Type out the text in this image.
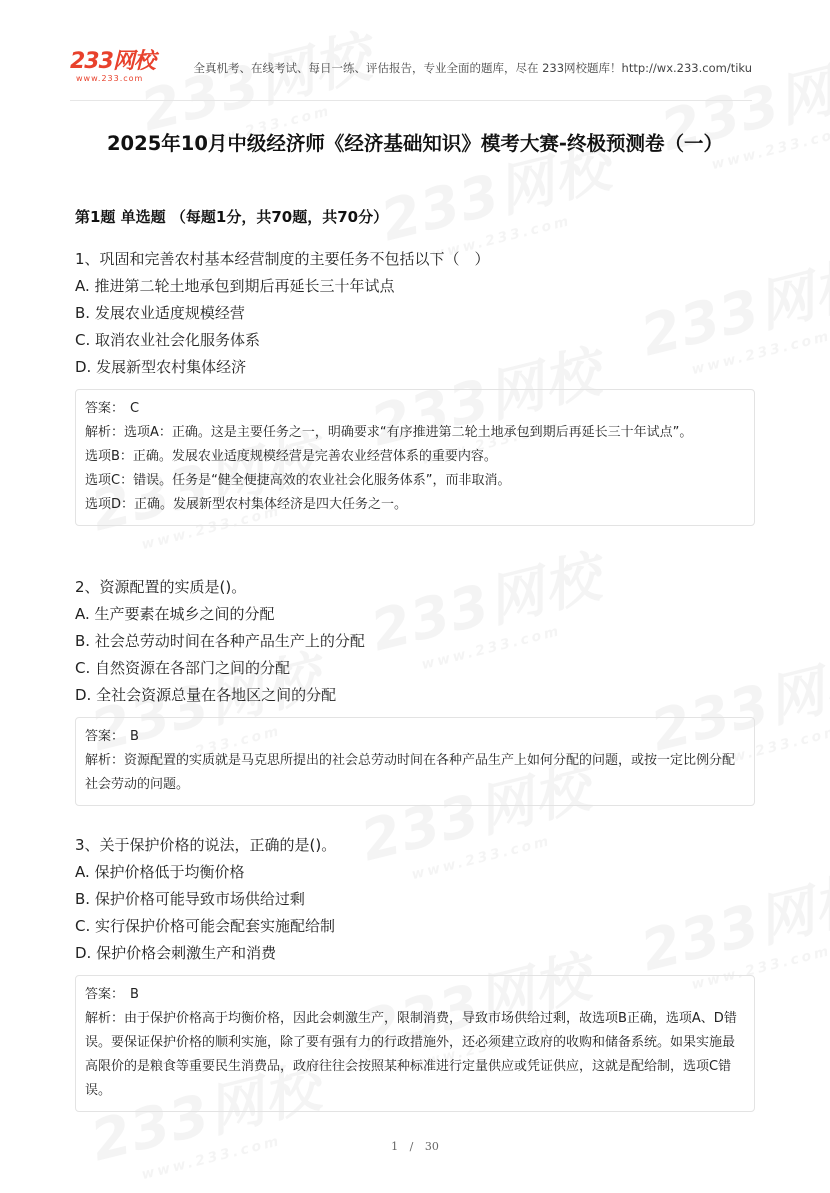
233网校
www.233.com
全真机考、在线考试、每日一练、评估报告，专业全面的题库，尽在 233网校题库！http://wx.233.com/tiku
2025年10月中级经济师《经济基础知识》模考大赛-终极预测卷（一）
第1题 单选题 （每题1分，共70题，共70分）
1、巩固和完善农村基本经营制度的主要任务不包括以下（　）
A. 推进第二轮土地承包到期后再延长三十年试点
B. 发展农业适度规模经营
C. 取消农业社会化服务体系
D. 发展新型农村集体经济
答案： C
解析：选项A：正确。这是主要任务之一，明确要求“有序推进第二轮土地承包到期后再延长三十年试点”。
选项B：正确。发展农业适度规模经营是完善农业经营体系的重要内容。
选项C：错误。任务是“健全便捷高效的农业社会化服务体系”，而非取消。
选项D：正确。发展新型农村集体经济是四大任务之一。
2、资源配置的实质是()。
A. 生产要素在城乡之间的分配
B. 社会总劳动时间在各种产品生产上的分配
C. 自然资源在各部门之间的分配
D. 全社会资源总量在各地区之间的分配
答案： B
解析：资源配置的实质就是马克思所提出的社会总劳动时间在各种产品生产上如何分配的问题，或按一定比例分配社会劳动的问题。
3、关于保护价格的说法，正确的是()。
A. 保护价格低于均衡价格
B. 保护价格可能导致市场供给过剩
C. 实行保护价格可能会配套实施配给制
D. 保护价格会刺激生产和消费
答案： B
解析：由于保护价格高于均衡价格，因此会刺激生产，限制消费，导致市场供给过剩，故选项B正确，选项A、D错误。要保证保护价格的顺利实施，除了要有强有力的行政措施外，还必须建立政府的收购和储备系统。如果实施最高限价的是粮食等重要民生消费品，政府往往会按照某种标准进行定量供应或凭证供应，这就是配给制，选项C错误。
1 / 30
